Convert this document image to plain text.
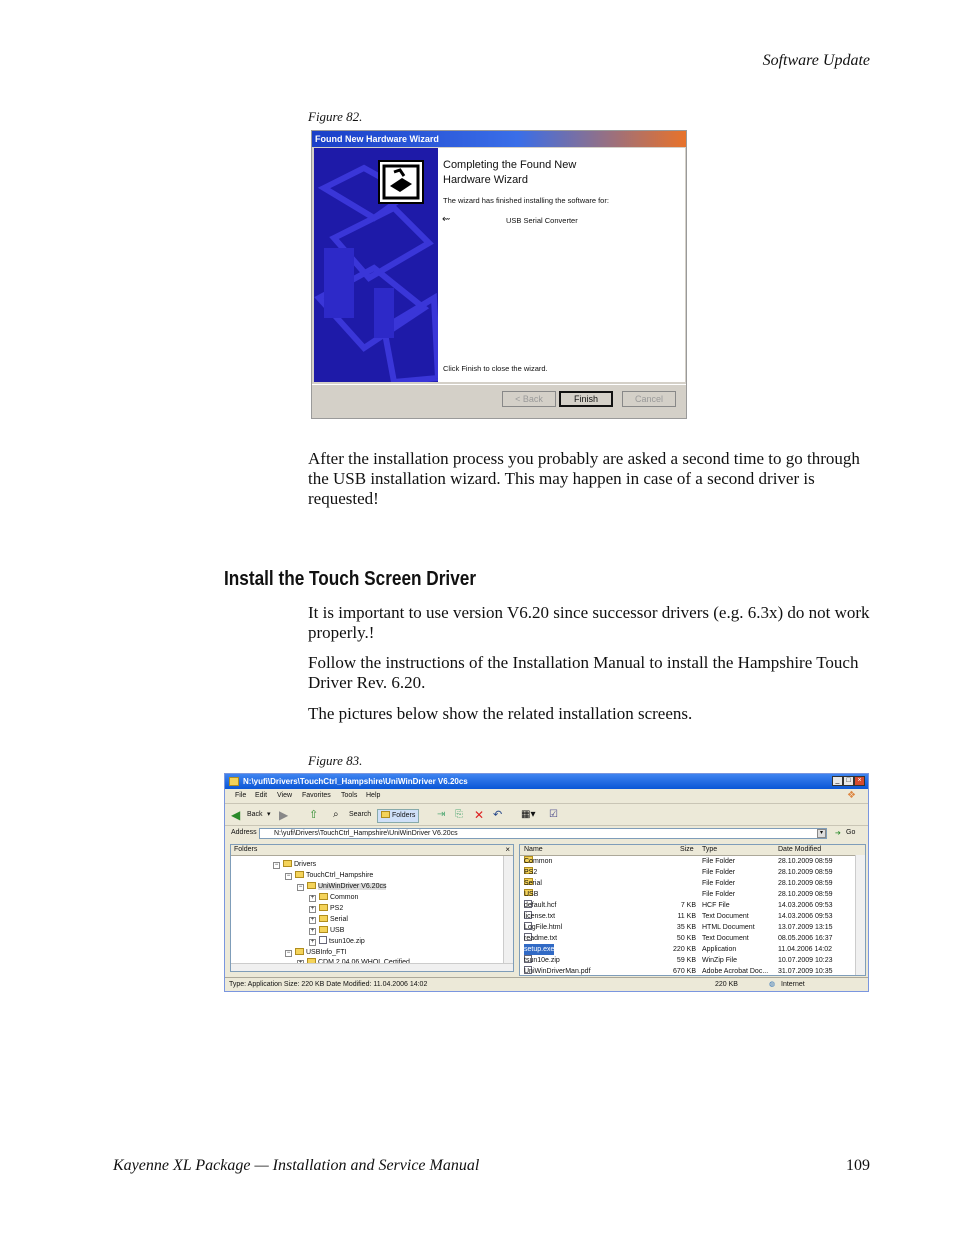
Software Update
Figure 82.
Found New Hardware Wizard
Completing the Found New
Hardware Wizard
The wizard has finished installing the software for:
⇜	USB Serial Converter
Click Finish to close the wizard.
< Back	Finish	Cancel
After the installation process you probably are asked a second time to go through the USB installation wizard. This may happen in case of a second driver is requested!
Install the Touch Screen Driver
It is important to use version V6.20 since successor drivers (e.g. 6.3x) do not work properly.!
Follow the instructions of the Installation Manual to install the Hampshire Touch Driver Rev. 6.20.
The pictures below show the related installation screens.
Figure 83.
N:\yufi\Drivers\TouchCtrl_Hampshire\UniWinDriver V6.20cs	_ □ ×
File Edit View Favorites Tools Help	❖
◀ Back ▾ ▶ ⇧ ⌕ Search	Folders	⇥ ⎘ ✕ ↶ ▦▾ ☑
Address	N:\yufi\Drivers\TouchCtrl_Hampshire\UniWinDriver V6.20cs	▾	➔ Go
Folders	×
− Drivers
− TouchCtrl_Hampshire
− UniWinDriver V6.20cs
+ Common
+ PS2
+ Serial
+ USB
+ tsun10e.zip
− USBInfo_FTI
Name	Size Type	Date Modified
Common	File Folder	28.10.2009 08:59
PS2	File Folder	28.10.2009 08:59
Serial	File Folder	28.10.2009 08:59
USB	File Folder	28.10.2009 08:59
default.hcf	7 KB HCF File	14.03.2006 09:53
license.txt	11 KB Text Document	14.03.2006 09:53
LogFile.html	35 KB HTML Document	13.07.2009 13:15
readme.txt	50 KB Text Document	08.05.2006 16:37
setup.exe	220 KB Application	11.04.2006 14:02
tsun10e.zip	59 KB WinZip File	10.07.2009 10:23
UniWinDriverMan.pdf	670 KB Adobe Acrobat Doc... 31.07.2009 10:35
Type: Application Size: 220 KB Date Modified: 11.04.2006 14:02	220 KB	◍ Internet
Kayenne XL Package — Installation and Service Manual	109
